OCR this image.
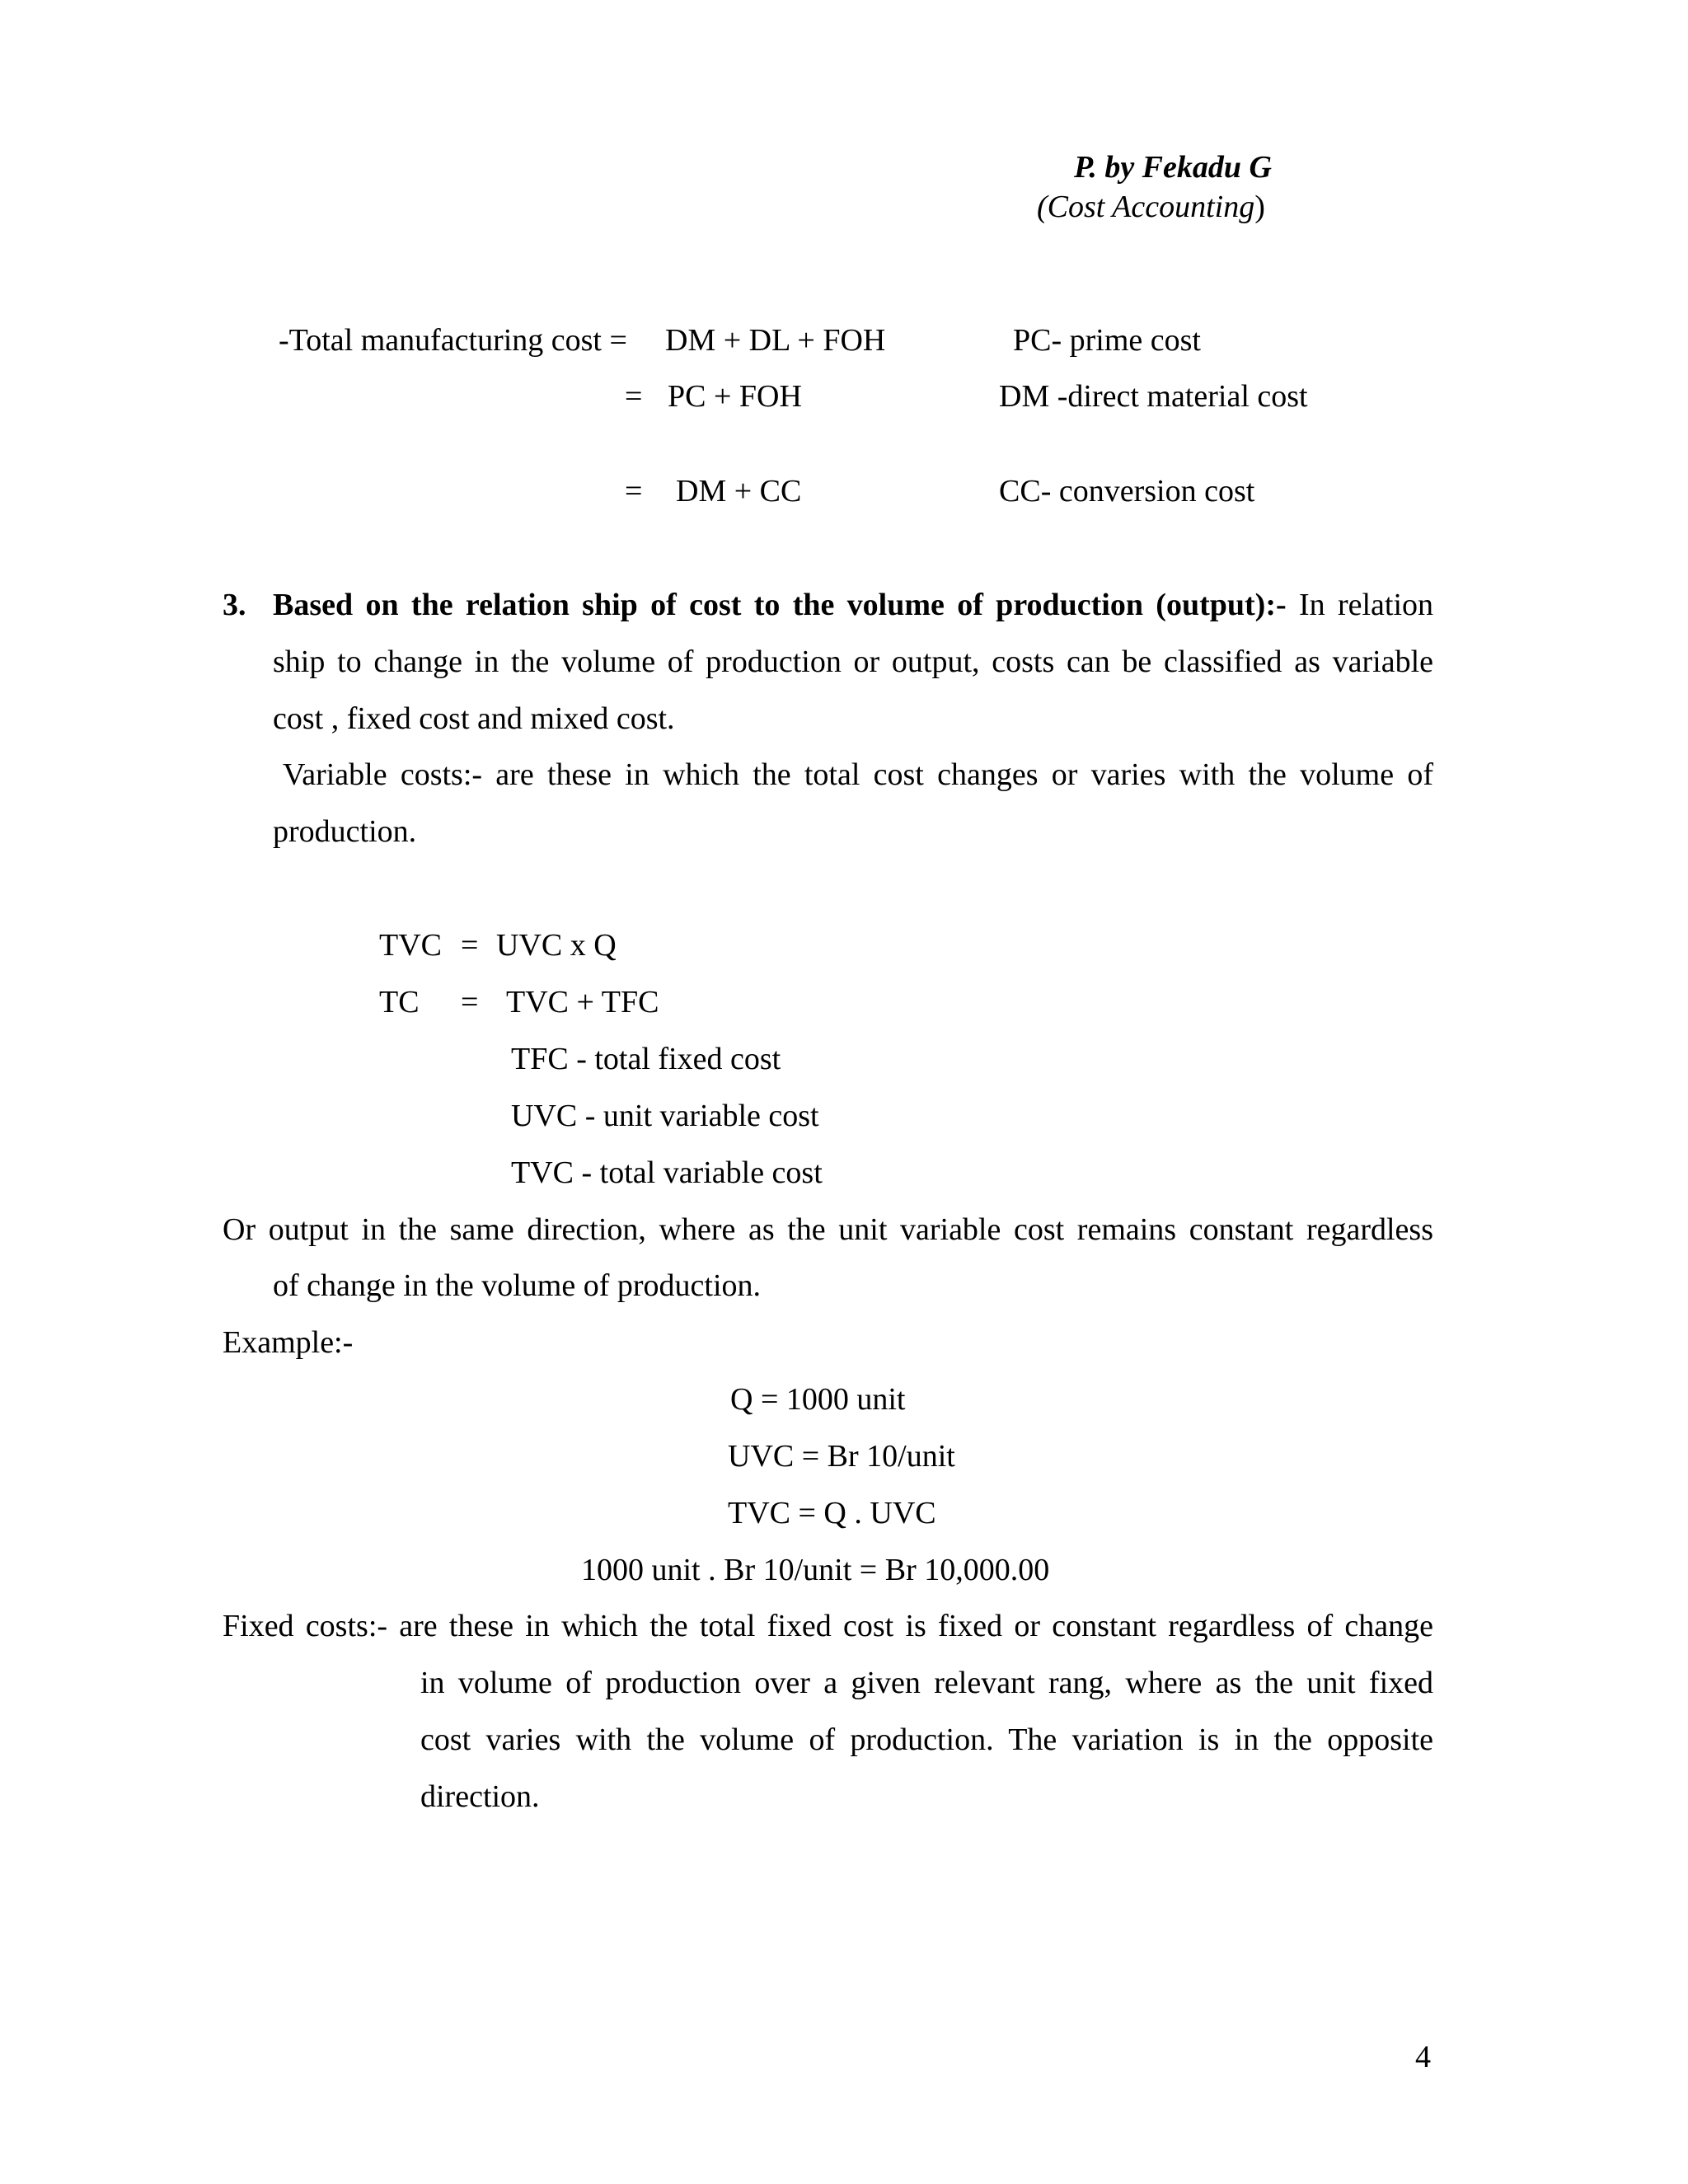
P. by Fekadu G
(Cost Accounting)
-Total manufacturing cost = DM + DL + FOH	PC- prime cost
= PC + FOH	DM -direct material cost
= DM + CC	CC- conversion cost
3. Based on the relation ship of cost to the volume of production (output):- In relation
ship to change in the volume of production or output, costs can be classified as variable
cost , fixed cost and mixed cost.
Variable costs:- are these in which the total cost changes or varies with the volume of
production.
TVC = UVC x Q
TC = TVC + TFC
TFC - total fixed cost
UVC - unit variable cost
TVC - total variable cost
Or output in the same direction, where as the unit variable cost remains constant regardless
of change in the volume of production.
Example:-
Q = 1000 unit
UVC = Br 10/unit
TVC = Q . UVC
1000 unit . Br 10/unit = Br 10,000.00
Fixed costs:- are these in which the total fixed cost is fixed or constant regardless of change
in volume of production over a given relevant rang, where as the unit fixed
cost varies with the volume of production. The variation is in the opposite
direction.
4
